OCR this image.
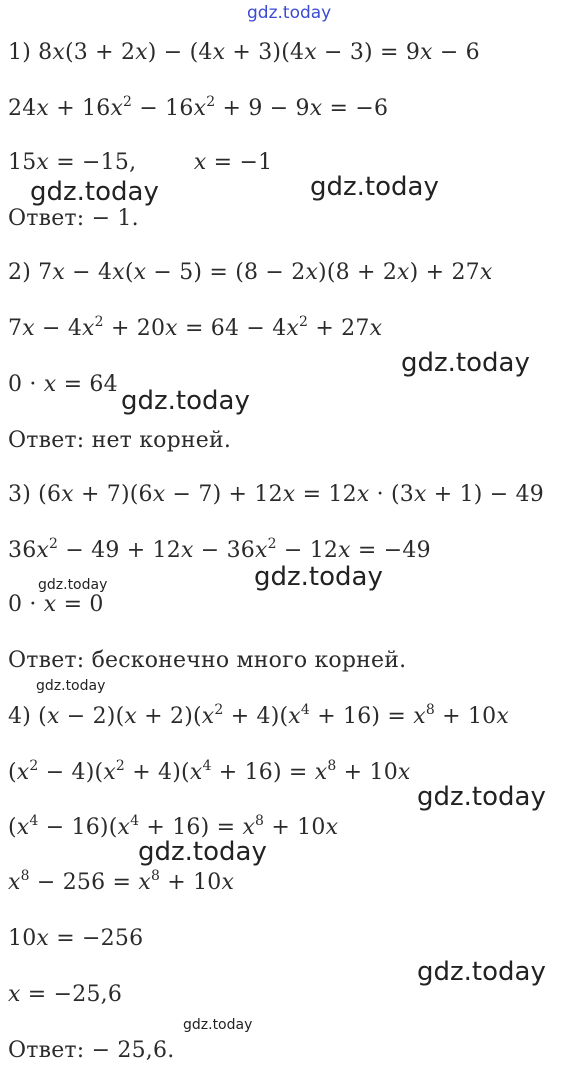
gdz.today
1) 8x(3 + 2x) − (4x + 3)(4x − 3) = 9x − 6
$24x + 16x^2 - 16x^2 + 9 - 9x = -6$
15x = −15,        x = −1
Ответ: − 1.
2) 7x − 4x(x − 5) = (8 − 2x)(8 + 2x) + 27x
$7x - 4x^2 + 20x = 64 - 4x^2 + 27x$
0 · x = 64
Ответ: нет корней.
3) (6x + 7)(6x − 7) + 12x = 12x · (3x + 1) − 49
$36x^2 - 49 + 12x - 36x^2 - 12x = -49$
0 · x = 0
Ответ: бесконечно много корней.
4) $(x - 2)(x + 2)(x^2 + 4)(x^4 + 16) = x^8 + 10x$
$(x^2 - 4)(x^2 + 4)(x^4 + 16) = x^8 + 10x$
$(x^4 - 16)(x^4 + 16) = x^8 + 10x$
$x^8 - 256 = x^8 + 10x$
10x = −256
x = −25,6
Ответ: − 25,6.
gdz.today	gdz.today
gdz.today
gdz.today
gdz.today
gdz.today
gdz.today
gdz.today
gdz.today
gdz.today
gdz.today
